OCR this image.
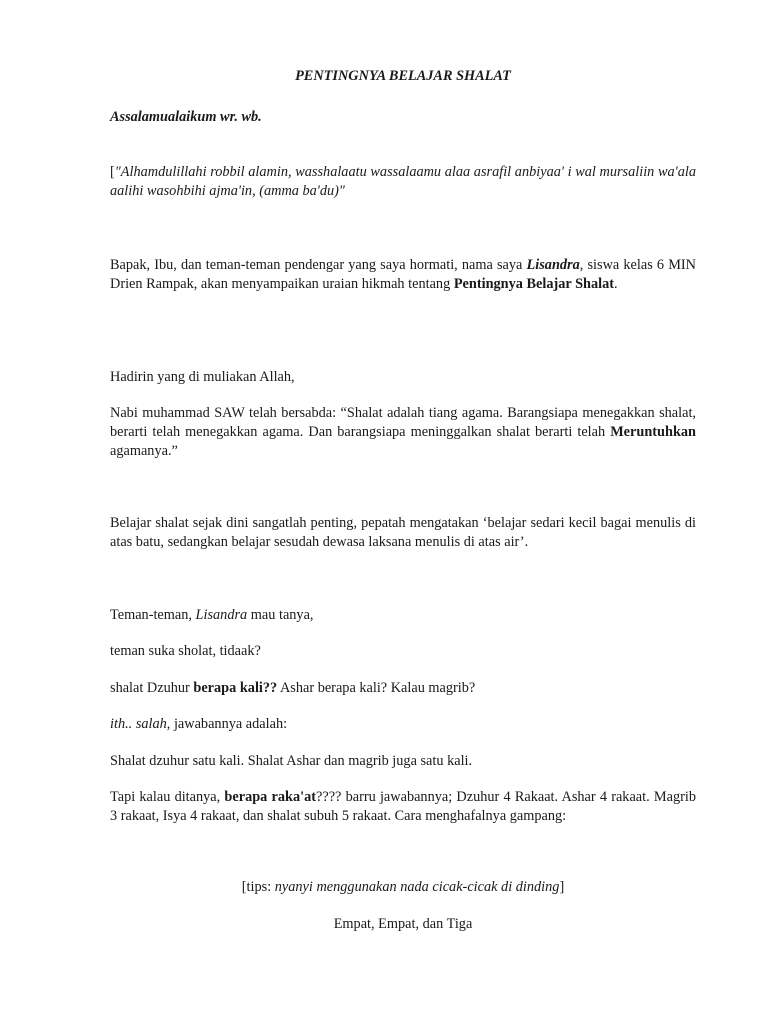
PENTINGNYA BELAJAR SHALAT

Assalamualaikum wr. wb.

["Alhamdulillahi robbil alamin, wasshalaatu wassalaamu alaa asrafil anbiyaa' i wal mursaliin wa'ala aalihi wasohbihi ajma'in, (amma ba'du)"

Bapak, Ibu, dan teman-teman pendengar yang saya hormati, nama saya Lisandra, siswa kelas 6 MIN Drien Rampak, akan menyampaikan uraian hikmah tentang Pentingnya Belajar Shalat.

Hadirin yang di muliakan Allah,

Nabi muhammad SAW telah bersabda: “Shalat adalah tiang agama. Barangsiapa menegakkan shalat, berarti telah menegakkan agama. Dan barangsiapa meninggalkan shalat berarti telah Meruntuhkan agamanya.”

Belajar shalat sejak dini sangatlah penting, pepatah mengatakan ‘belajar sedari kecil bagai menulis di atas batu, sedangkan belajar sesudah dewasa laksana menulis di atas air’.

Teman-teman, Lisandra mau tanya,

teman suka sholat, tidaak?

shalat Dzuhur berapa kali?? Ashar berapa kali? Kalau magrib?

ith.. salah, jawabannya adalah:

Shalat dzuhur satu kali. Shalat Ashar dan magrib juga satu kali.

Tapi kalau ditanya, berapa raka'at???? barru jawabannya; Dzuhur 4 Rakaat. Ashar 4 rakaat. Magrib 3 rakaat, Isya 4 rakaat, dan shalat subuh 5 rakaat. Cara menghafalnya gampang:

[tips: nyanyi menggunakan nada cicak-cicak di dinding]

Empat, Empat, dan Tiga
